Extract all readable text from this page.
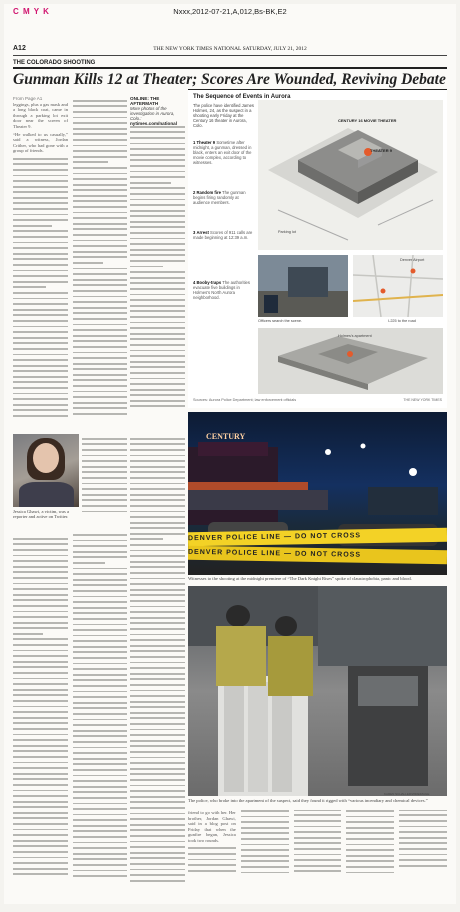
C M Y K	Nxxx,2012-07-21,A,012,Bs-BK,E2
A12	THE NEW YORK TIMES NATIONAL SATURDAY, JULY 21, 2012
THE COLORADO SHOOTING
Gunman Kills 12 at Theater; Scores Are Wounded, Reviving Debate
From Page A1

leggings, plus a gas mask and a long black coat, came in through a parking lot exit door near the screen of Theater 9.

“He walked to us casually,” said a witness, Jordan Crither, who had gone with a group of friends.

ONLINE: THE AFTERMATH
More photos of the investigation in Aurora, Colo.:
nytimes.com/national
Jessica Ghawi, a victim, was a reporter and active on Twitter.
The Sequence of Events in Aurora
The police have identified James Holmes, 24, as the suspect in a shooting early Friday at the Century 16 theater in Aurora, Colo.
1 Theater 9 Sometime after midnight, a gunman, dressed in black, enters an exit door of the movie complex, according to witnesses.
2 Random fire The gunman begins firing randomly at audience members.
3 Arrest Scores of 911 calls are made beginning at 12:39 a.m.
4 Booby-traps The authorities evacuate five buildings in Holmes's North Aurora neighborhood.
CENTURY 16 MOVIE THEATER
THEATER 9
Parking lot
Officers search the scene.
Denver Airport
I-225 to the road
Holmes's apartment
Sources: Aurora Police Department; law enforcement officials	THE NEW YORK TIMES
CENTURY
DENVER POLICE LINE — DO NOT CROSS
DENVER POLICE LINE — DO NOT CROSS
Witnesses to the shooting at the midnight premiere of “The Dark Knight Rises” spoke of claustrophobia, panic and blood.
The police, who broke into the apartment of the suspect, said they found it rigged with “various incendiary and chemical devices.”
KAREN SCHALLER/WIREIMAGE

friend to go with her. Her brother, Jordan Ghawi, said in a blog post on Friday that when the gunfire began, Jessica took two rounds.
